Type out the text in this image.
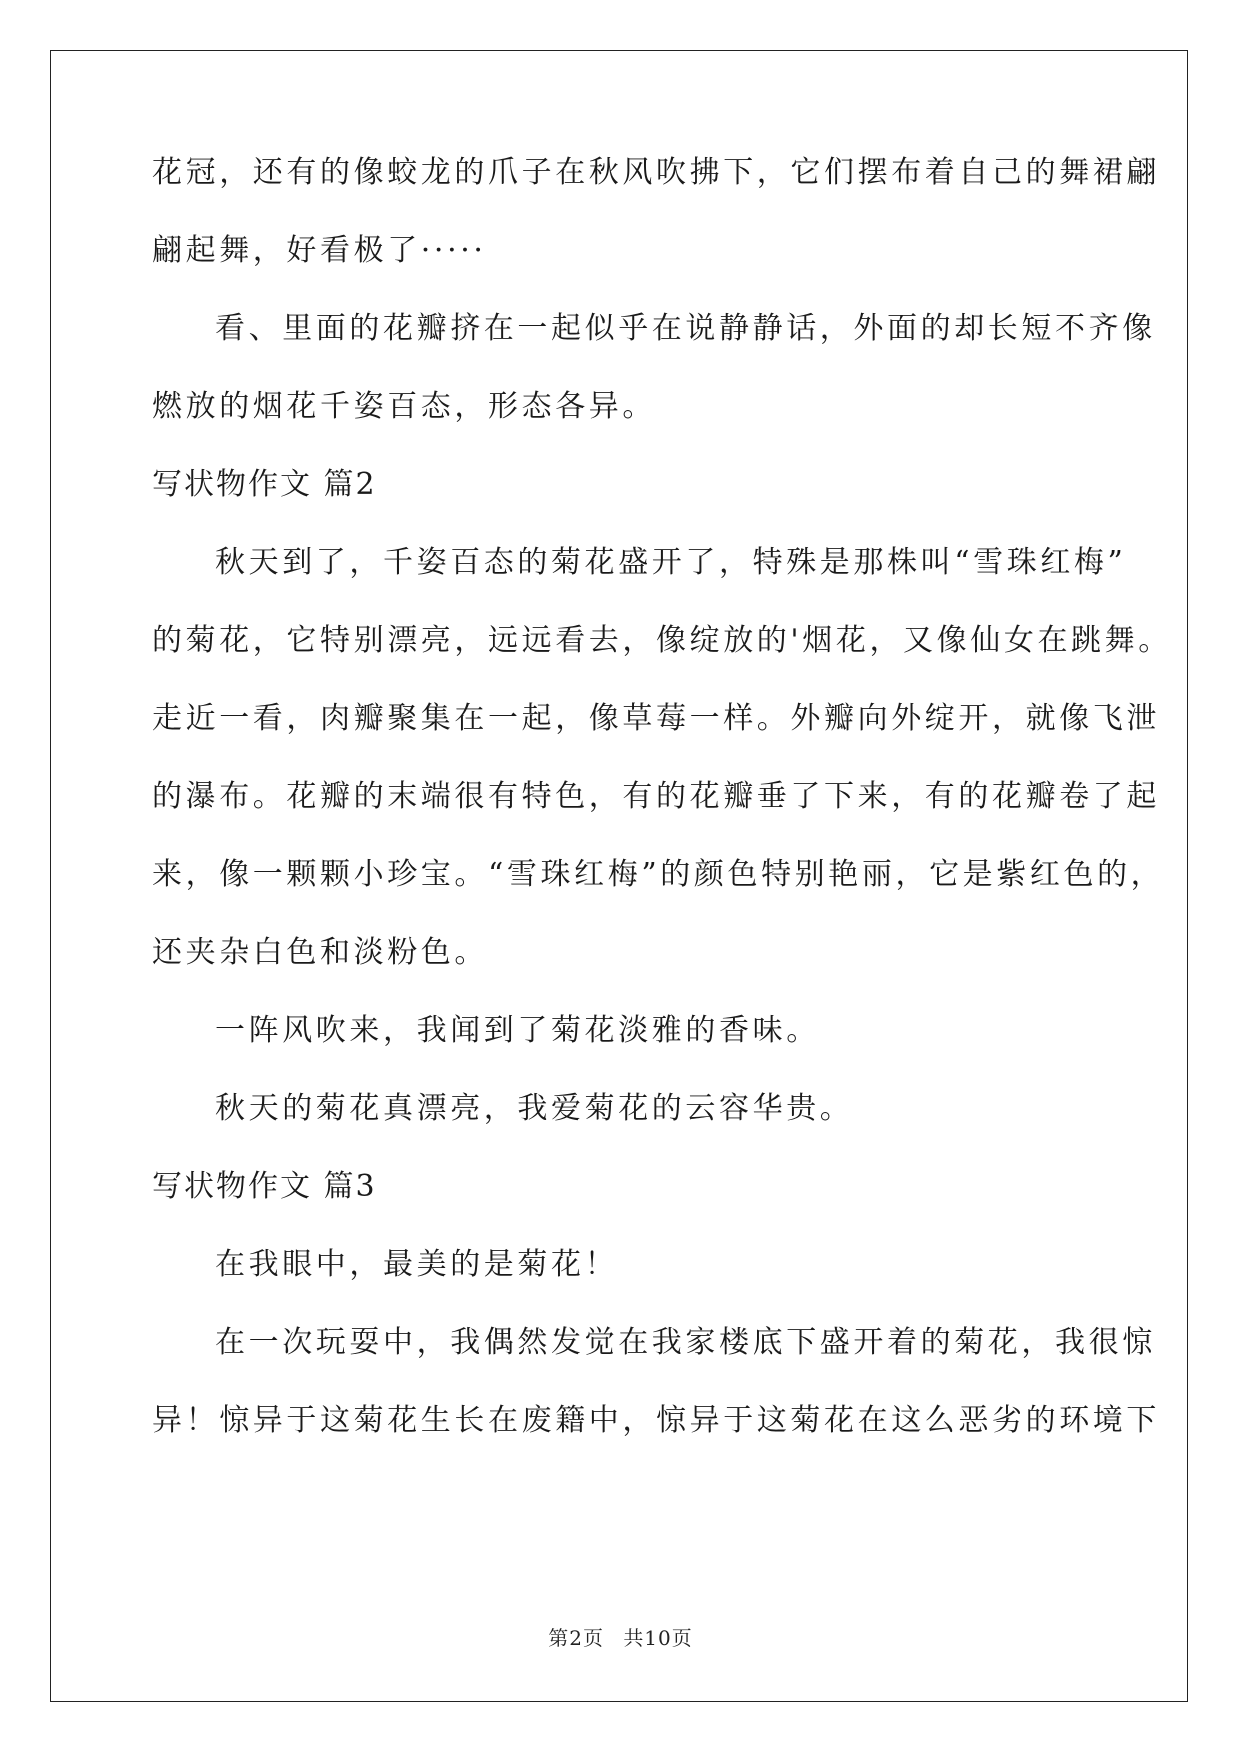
花冠，还有的像蛟龙的爪子在秋风吹拂下，它们摆布着自己的舞裙翩
翩起舞，好看极了·····
看、里面的花瓣挤在一起似乎在说静静话，外面的却长短不齐像
燃放的烟花千姿百态，形态各异。
写状物作文 篇2
秋天到了，千姿百态的菊花盛开了，特殊是那株叫“雪珠红梅”
的菊花，它特别漂亮，远远看去，像绽放的'烟花，又像仙女在跳舞。
走近一看，肉瓣聚集在一起，像草莓一样。外瓣向外绽开，就像飞泄
的瀑布。花瓣的末端很有特色，有的花瓣垂了下来，有的花瓣卷了起
来，像一颗颗小珍宝。“雪珠红梅”的颜色特别艳丽，它是紫红色的，
还夹杂白色和淡粉色。
一阵风吹来，我闻到了菊花淡雅的香味。
秋天的菊花真漂亮，我爱菊花的云容华贵。
写状物作文 篇3
在我眼中，最美的是菊花！
在一次玩耍中，我偶然发觉在我家楼底下盛开着的菊花，我很惊
异！惊异于这菊花生长在废籍中，惊异于这菊花在这么恶劣的环境下
第2页 共10页
